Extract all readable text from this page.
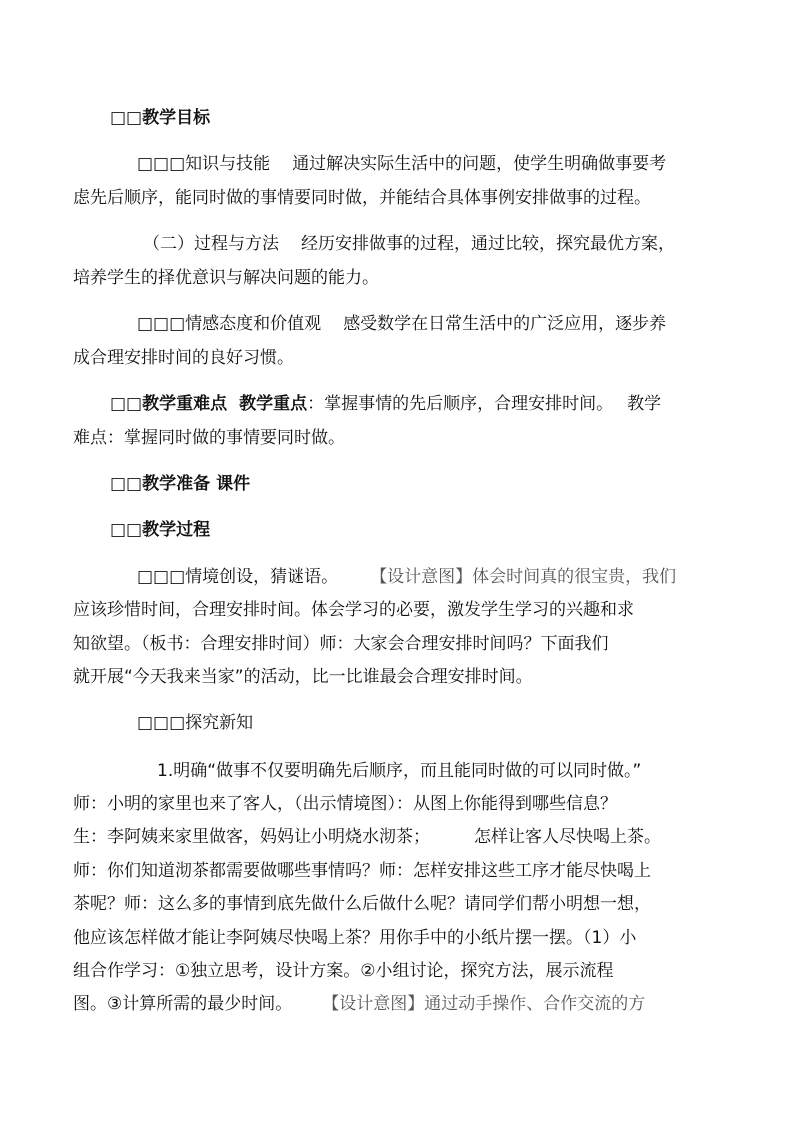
□□教学目标
□□□知识与技能 通过解决实际生活中的问题，使学生明确做事要考
虑先后顺序，能同时做的事情要同时做，并能结合具体事例安排做事的过程。
（二）过程与方法 经历安排做事的过程，通过比较，探究最优方案，
培养学生的择优意识与解决问题的能力。
□□□情感态度和价值观 感受数学在日常生活中的广泛应用，逐步养
成合理安排时间的良好习惯。
□□教学重难点 教学重点：掌握事情的先后顺序，合理安排时间。 教学
难点：掌握同时做的事情要同时做。
□□教学准备 课件
□□教学过程
□□□情境创设，猜谜语。 【设计意图】体会时间真的很宝贵，我们
应该珍惜时间，合理安排时间。体会学习的必要，激发学生学习的兴趣和求
知欲望。（板书：合理安排时间）师：大家会合理安排时间吗？下面我们
就开展“今天我来当家”的活动，比一比谁最会合理安排时间。
□□□探究新知
1.明确“做事不仅要明确先后顺序，而且能同时做的可以同时做。”
师：小明的家里也来了客人，（出示情境图）：从图上你能得到哪些信息？
生：李阿姨来家里做客，妈妈让小明烧水沏茶；	怎样让客人尽快喝上茶。
师：你们知道沏茶都需要做哪些事情吗？师：怎样安排这些工序才能尽快喝上
茶呢？师：这么多的事情到底先做什么后做什么呢？请同学们帮小明想一想，
他应该怎样做才能让李阿姨尽快喝上茶？用你手中的小纸片摆一摆。（1）小
组合作学习：①独立思考，设计方案。②小组讨论，探究方法，展示流程
图。③计算所需的最少时间。 【设计意图】通过动手操作、合作交流的方
